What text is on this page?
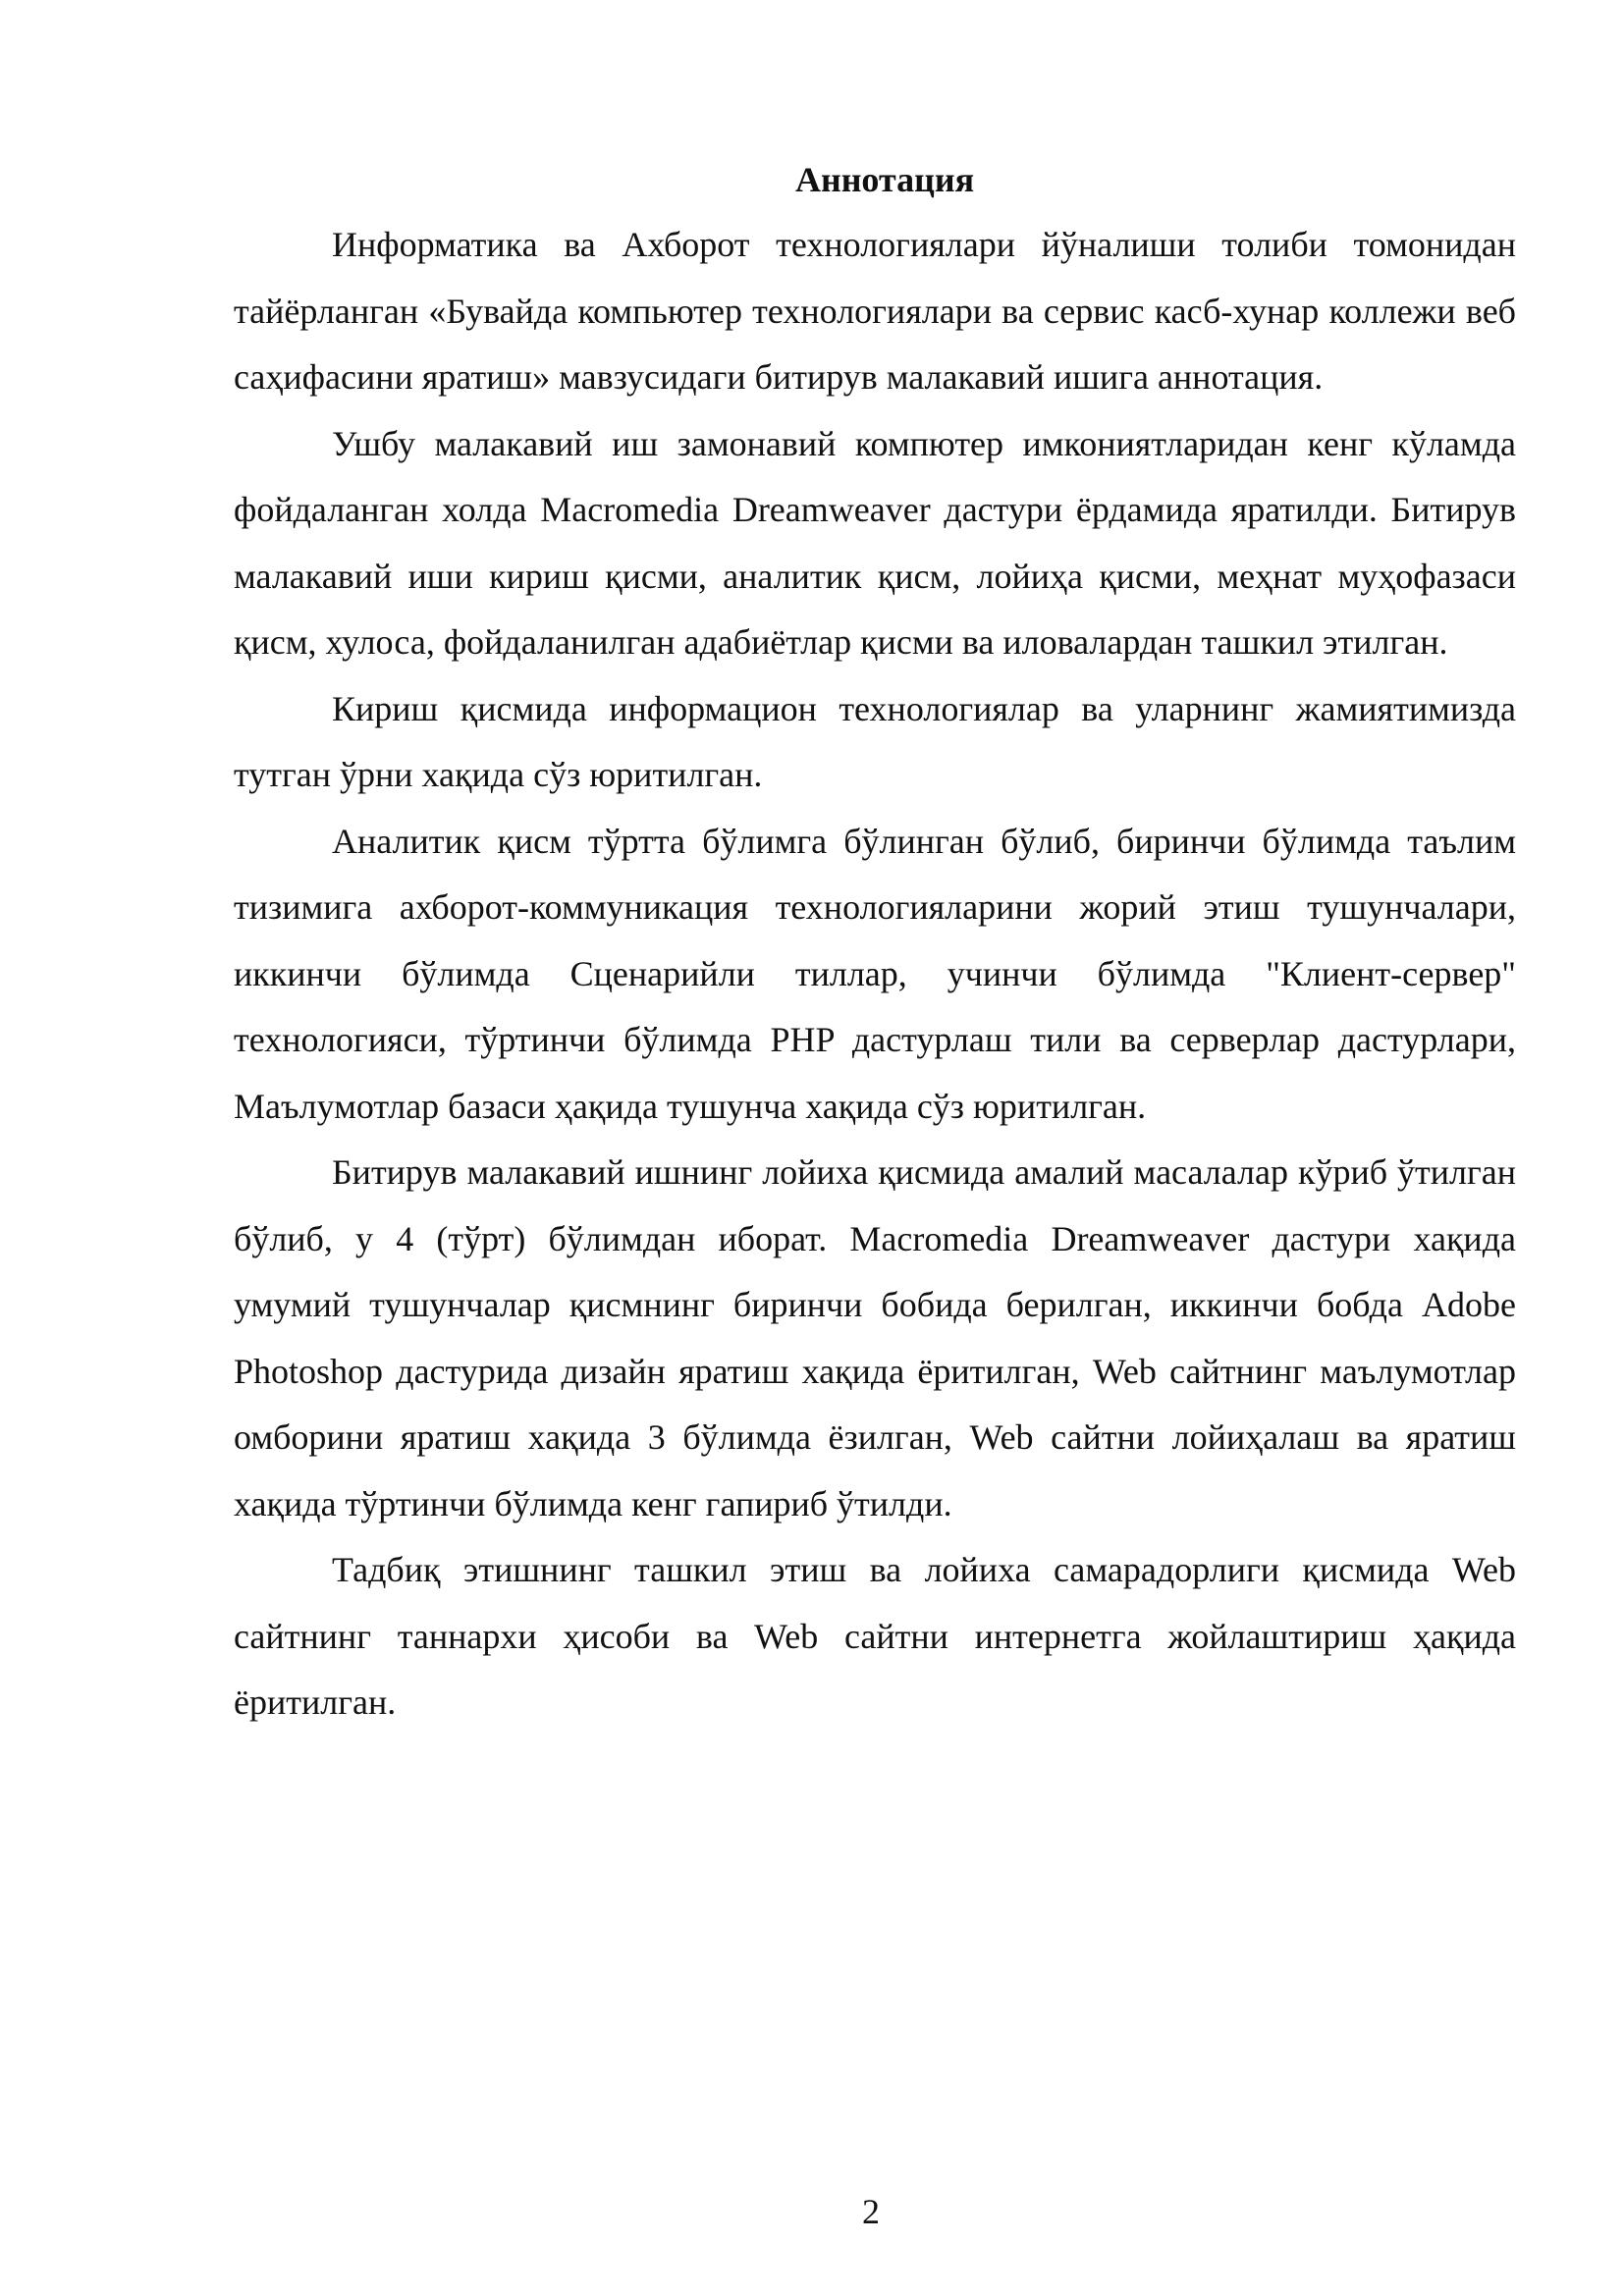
Аннотация

Информатика ва Ахборот технологиялари йўналиши толиби томонидан тайёрланган «Бувайда компьютер технологиялари ва сервис касб-хунар коллежи веб саҳифасини яратиш» мавзусидаги битирув малакавий ишига аннотация.

Ушбу малакавий иш замонавий компютер имкониятларидан кенг кўламда фойдаланган холда Macromedia Dreamweaver дастури ёрдамида яратилди. Битирув малакавий иши кириш қисми, аналитик қисм, лойиҳа қисми, меҳнат муҳофазаси қисм, хулоса, фойдаланилган адабиётлар қисми ва иловалардан ташкил этилган.

Кириш қисмида информацион технологиялар ва уларнинг жамиятимизда тутган ўрни хақида сўз юритилган.

Аналитик қисм тўртта бўлимга бўлинган бўлиб, биринчи бўлимда таълим тизимига ахборот-коммуникация технологияларини жорий этиш тушунчалари, иккинчи бўлимда Сценарийли тиллар, учинчи бўлимда "Клиент-сервер" технологияси, тўртинчи бўлимда PHP дастурлаш тили ва серверлар дастурлари, Маълумотлар базаси ҳақида тушунча хақида сўз юритилган.

Битирув малакавий ишнинг лойиха қисмида амалий масалалар кўриб ўтилган бўлиб, у 4 (тўрт) бўлимдан иборат. Macromedia Dreamweaver дастури хақида умумий тушунчалар қисмнинг биринчи бобида берилган, иккинчи бобда Adobe Photoshop дастурида дизайн яратиш хақида ёритилган, Web сайтнинг маълумотлар омборини яратиш хақида 3 бўлимда ёзилган, Web сайтни лойиҳалаш ва яратиш хақида тўртинчи бўлимда кенг гапириб ўтилди.

Тадбиқ этишнинг ташкил этиш ва лойиха самарадорлиги қисмида Web сайтнинг таннархи ҳисоби ва Web сайтни интернетга жойлаштириш ҳақида ёритилган.

2
